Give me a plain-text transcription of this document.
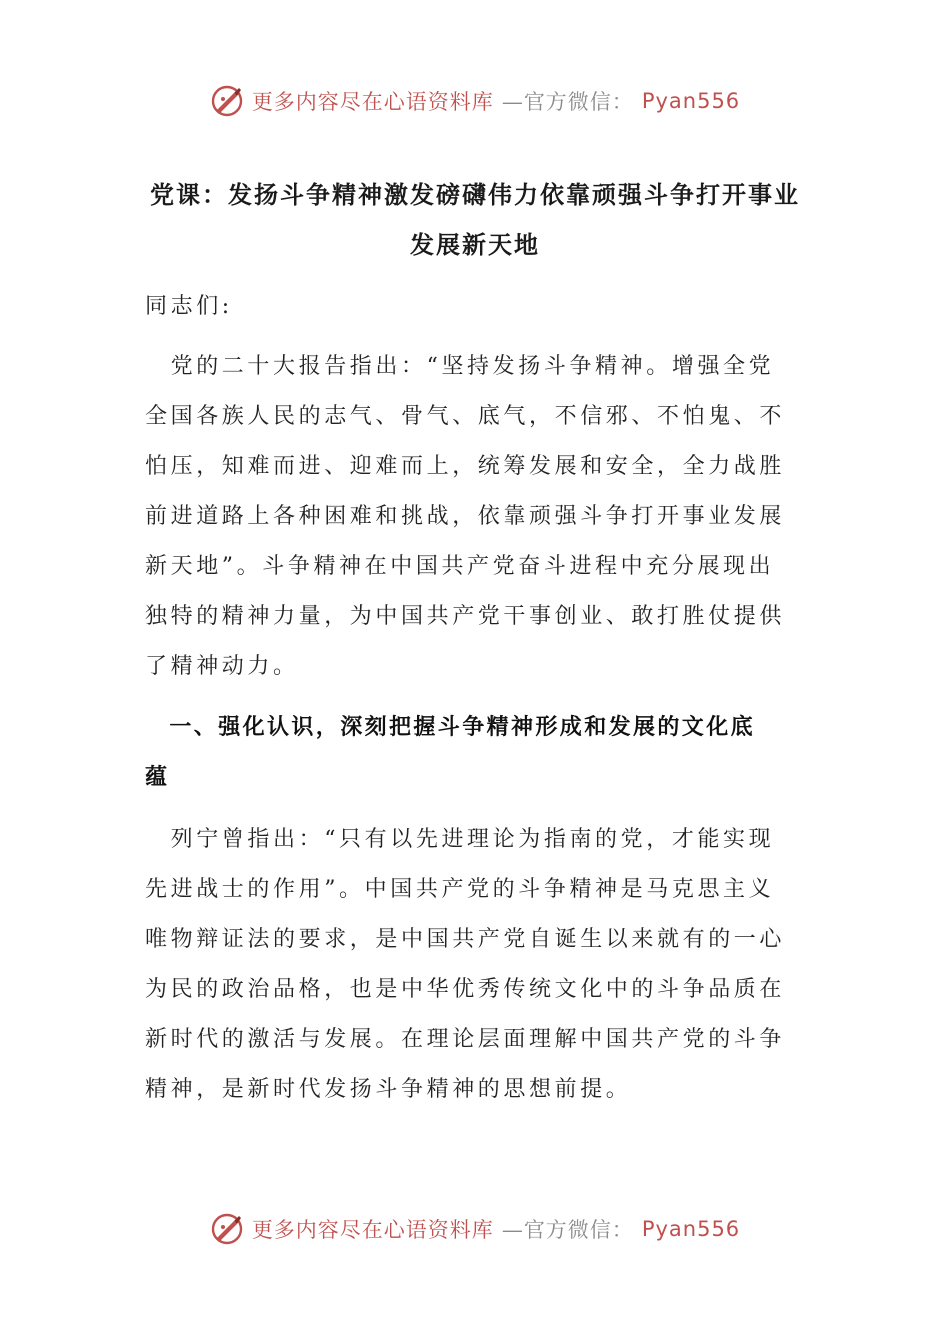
更多内容尽在心语资料库 —官方微信： Pyan556
党课：发扬斗争精神激发磅礴伟力依靠顽强斗争打开事业
发展新天地
同志们:
　党的二十大报告指出：“坚持发扬斗争精神。增强全党
全国各族人民的志气、骨气、底气，不信邪、不怕鬼、不
怕压，知难而进、迎难而上，统筹发展和安全，全力战胜
前进道路上各种困难和挑战，依靠顽强斗争打开事业发展
新天地”。斗争精神在中国共产党奋斗进程中充分展现出
独特的精神力量，为中国共产党干事创业、敢打胜仗提供
了精神动力。
　一、强化认识，深刻把握斗争精神形成和发展的文化底
蕴
　列宁曾指出：“只有以先进理论为指南的党，才能实现
先进战士的作用”。中国共产党的斗争精神是马克思主义
唯物辩证法的要求，是中国共产党自诞生以来就有的一心
为民的政治品格，也是中华优秀传统文化中的斗争品质在
新时代的激活与发展。在理论层面理解中国共产党的斗争
精神，是新时代发扬斗争精神的思想前提。
更多内容尽在心语资料库 —官方微信： Pyan556
